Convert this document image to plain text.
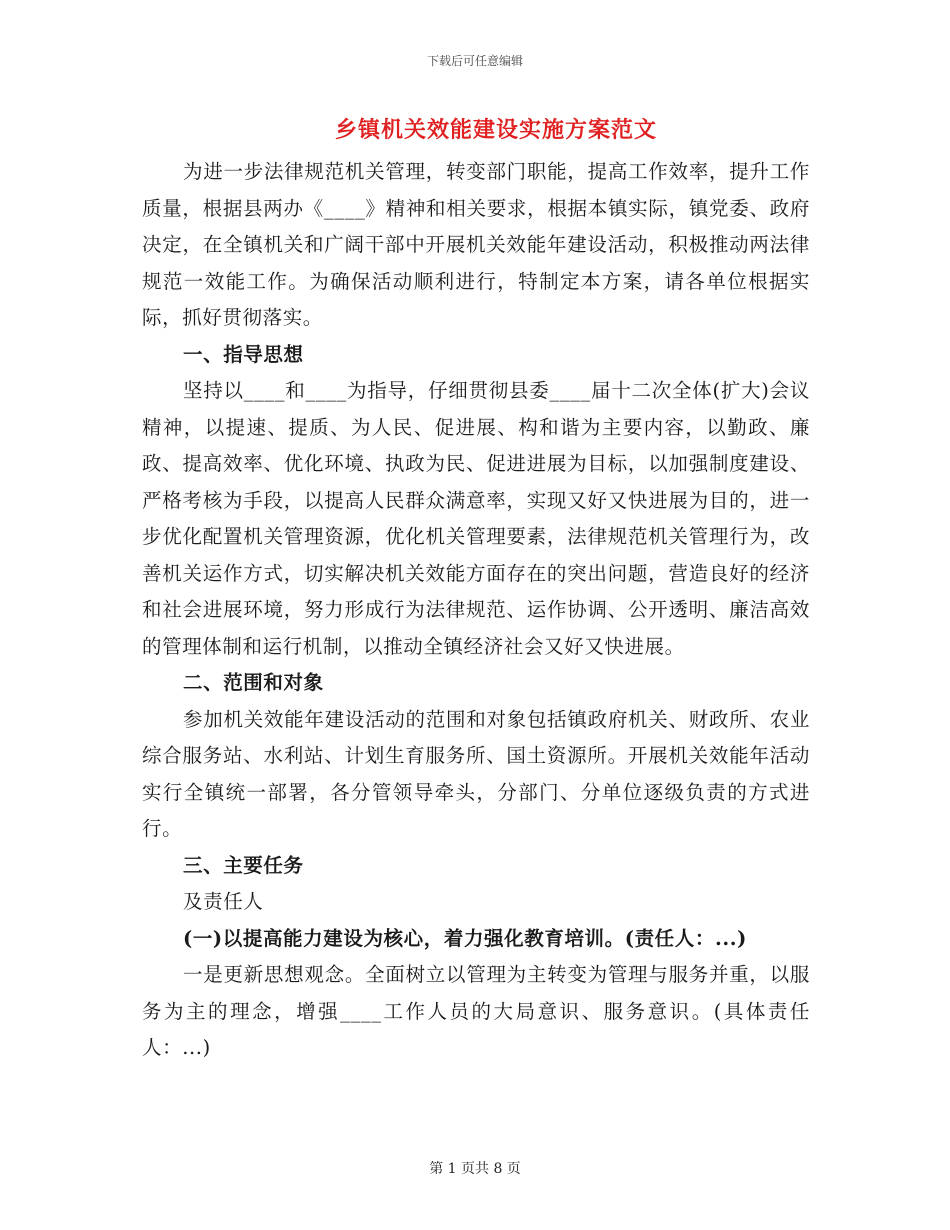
下载后可任意编辑
乡镇机关效能建设实施方案范文

为进一步法律规范机关管理，转变部门职能，提高工作效率，提升工作质量，根据县两办《____》精神和相关要求，根据本镇实际，镇党委、政府决定，在全镇机关和广阔干部中开展机关效能年建设活动，积极推动两法律规范一效能工作。为确保活动顺利进行，特制定本方案，请各单位根据实际，抓好贯彻落实。

一、指导思想

坚持以____和____为指导，仔细贯彻县委____届十二次全体(扩大)会议精神，以提速、提质、为人民、促进展、构和谐为主要内容，以勤政、廉政、提高效率、优化环境、执政为民、促进进展为目标，以加强制度建设、严格考核为手段，以提高人民群众满意率，实现又好又快进展为目的，进一步优化配置机关管理资源，优化机关管理要素，法律规范机关管理行为，改善机关运作方式，切实解决机关效能方面存在的突出问题，营造良好的经济和社会进展环境，努力形成行为法律规范、运作协调、公开透明、廉洁高效的管理体制和运行机制，以推动全镇经济社会又好又快进展。

二、范围和对象

参加机关效能年建设活动的范围和对象包括镇政府机关、财政所、农业综合服务站、水利站、计划生育服务所、国土资源所。开展机关效能年活动实行全镇统一部署，各分管领导牵头，分部门、分单位逐级负责的方式进行。

三、主要任务

及责任人

(一)以提高能力建设为核心，着力强化教育培训。(责任人：...)

一是更新思想观念。全面树立以管理为主转变为管理与服务并重，以服务为主的理念，增强____工作人员的大局意识、服务意识。(具体责任人：...)

第 1 页共 8 页
